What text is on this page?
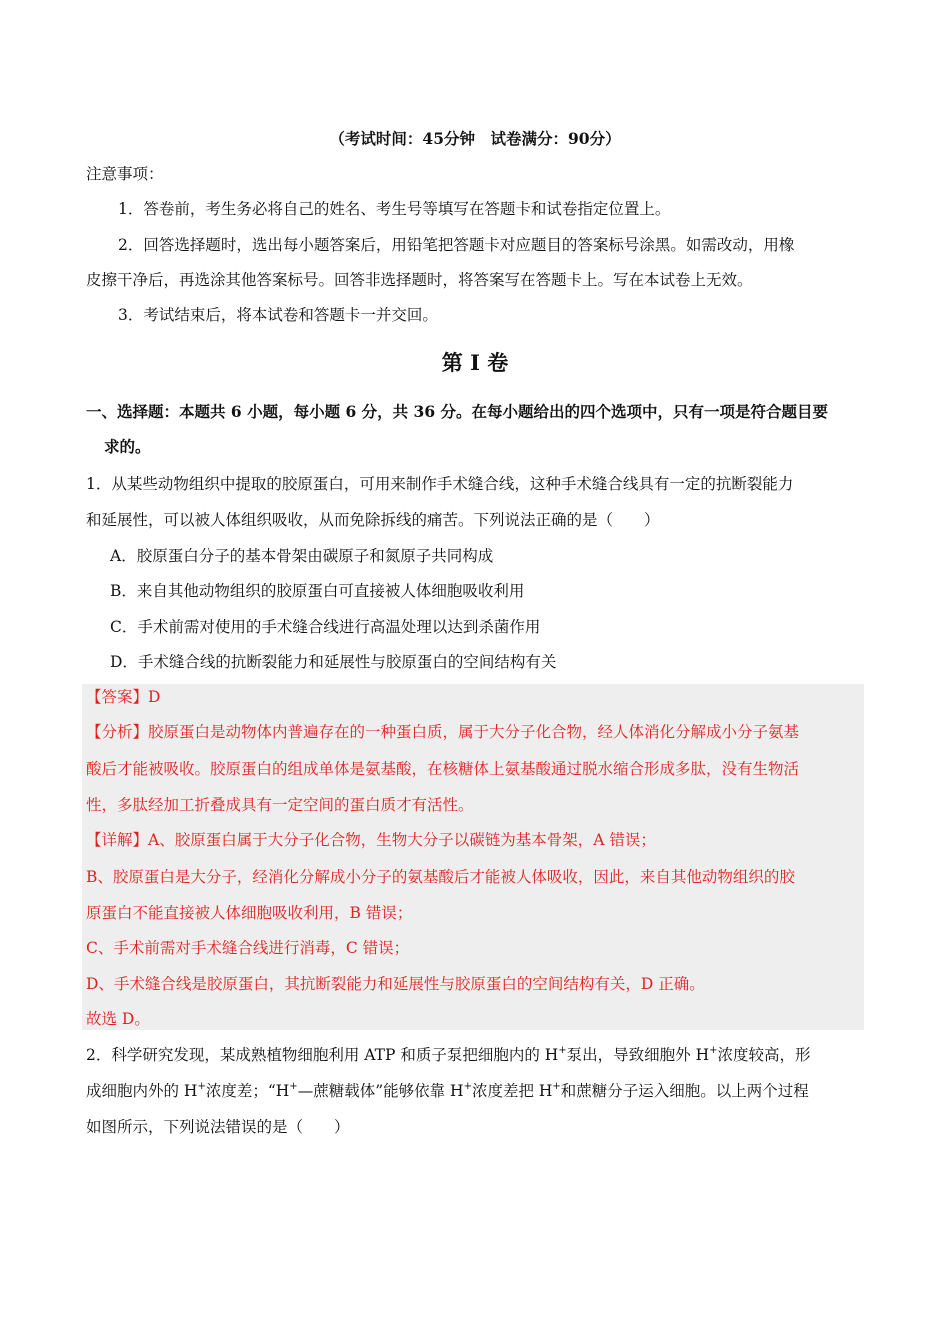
（考试时间：45分钟　试卷满分：90分）
注意事项：
1．答卷前，考生务必将自己的姓名、考生号等填写在答题卡和试卷指定位置上。
2．回答选择题时，选出每小题答案后，用铅笔把答题卡对应题目的答案标号涂黑。如需改动，用橡
皮擦干净后，再选涂其他答案标号。回答非选择题时，将答案写在答题卡上。写在本试卷上无效。
3．考试结束后，将本试卷和答题卡一并交回。
第 I 卷
一、选择题：本题共 6 小题，每小题 6 分，共 36 分。在每小题给出的四个选项中，只有一项是符合题目要
求的。
1．从某些动物组织中提取的胶原蛋白，可用来制作手术缝合线，这种手术缝合线具有一定的抗断裂能力
和延展性，可以被人体组织吸收，从而免除拆线的痛苦。下列说法正确的是（　　）
A．胶原蛋白分子的基本骨架由碳原子和氮原子共同构成
B．来自其他动物组织的胶原蛋白可直接被人体细胞吸收利用
C．手术前需对使用的手术缝合线进行高温处理以达到杀菌作用
D．手术缝合线的抗断裂能力和延展性与胶原蛋白的空间结构有关
【答案】D
【分析】胶原蛋白是动物体内普遍存在的一种蛋白质，属于大分子化合物，经人体消化分解成小分子氨基
酸后才能被吸收。胶原蛋白的组成单体是氨基酸，在核糖体上氨基酸通过脱水缩合形成多肽，没有生物活
性，多肽经加工折叠成具有一定空间的蛋白质才有活性。
【详解】A、胶原蛋白属于大分子化合物，生物大分子以碳链为基本骨架，A 错误；
B、胶原蛋白是大分子，经消化分解成小分子的氨基酸后才能被人体吸收，因此，来自其他动物组织的胶
原蛋白不能直接被人体细胞吸收利用，B 错误；
C、手术前需对手术缝合线进行消毒，C 错误；
D、手术缝合线是胶原蛋白，其抗断裂能力和延展性与胶原蛋白的空间结构有关，D 正确。
故选 D。
2．科学研究发现，某成熟植物细胞利用 ATP 和质子泵把细胞内的 H+泵出，导致细胞外 H+浓度较高，形
成细胞内外的 H+浓度差；“H+—蔗糖载体”能够依靠 H+浓度差把 H+和蔗糖分子运入细胞。以上两个过程
如图所示，下列说法错误的是（　　）
